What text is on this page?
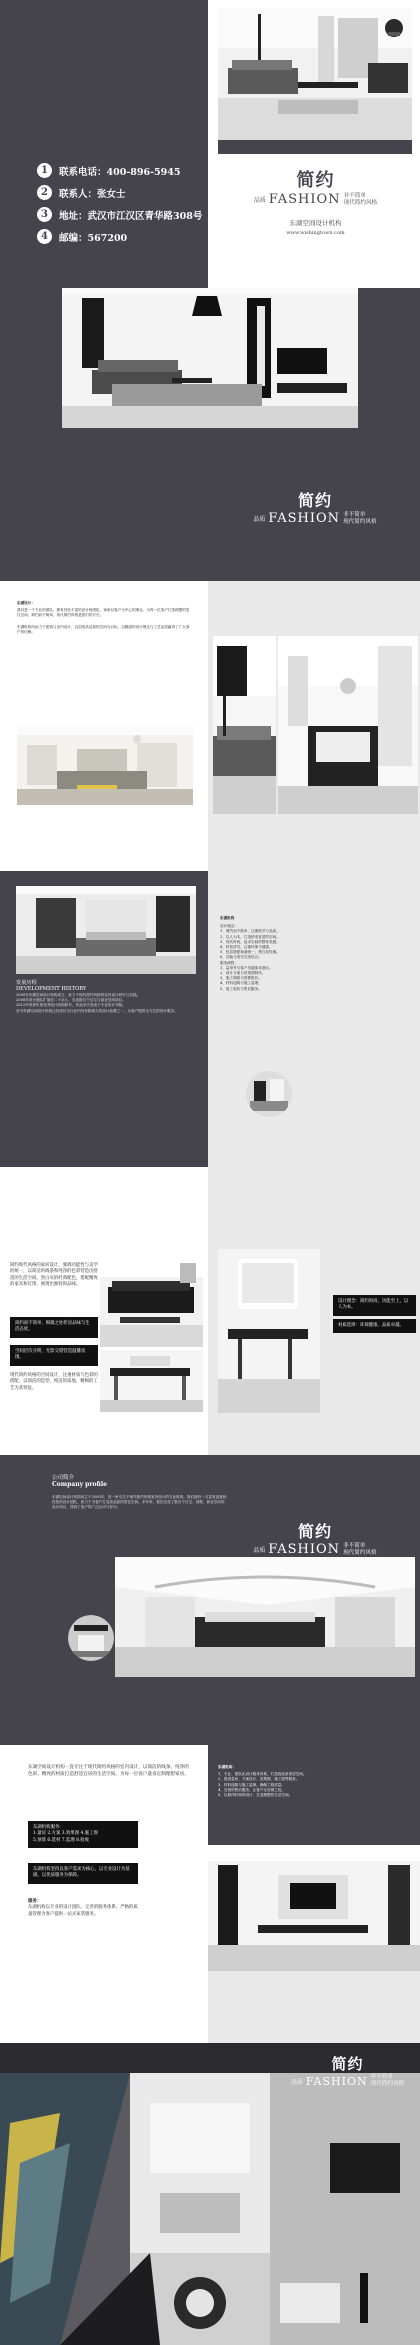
1	联系电话：400-896-5945
2	联系人：张女士
3	地址：武汉市江汉区青华路308号
4	邮编：567200
简约
品质 FASHION 非不简单
现代简约风格
东湖空间设计机构
www.wishingtown.com
简约
品质 FASHION 非不简单
现代简约风格

东湖设计：

我们是一个专业的团队，拥有经验丰富的设计师团队，秉承以客户为中心的理念，为每一位客户打造理想的居住空间。简约而不简单，现代简约风格是我们的专长。

东湖机构所致力于建筑与室内设计，以创造高品质的空间为目标，以精湛的设计理念与工艺品质赢得了广大客户的信赖。

发展历程
DEVELOPMENT HISTORY

2005年东湖空间设计机构成立，致力于现代简约风格的室内设计研究与实践。

2008年设计团队扩展至二十余人，完成数百个住宅与商业空间项目。

2012年荣获年度优秀设计机构称号，作品多次发表于专业设计刊物。

至今东湖空间设计机构已经成长为行业内具有影响力的设计品牌之一，为客户提供全方位的设计服务。

东湖机构

设计理念：

1、简约而不简单，注重细节与品质。

2、以人为本，打造舒适宜居的空间。

3、现代时尚，追求空间的整体美感。

4、材质讲究，注重环保与健康。

5、色彩搭配和谐统一，黑白灰经典。

6、功能与美学完美结合。

服务流程：

1、量房并与客户沟通需求意向。

2、设计方案与效果图制作。

3、施工图纸与预算报价。

4、材料选购与施工监理。

5、竣工验收与售后服务。

简约现代风格的家居设计，强调功能性与美学的统一，以简洁的线条和纯净的色彩营造出舒适的生活空间。黑白灰的经典配色，搭配精致的家具和灯饰，展现出独特的品味。
简约而不简单，细微之处彰显品味与生活态度。
空间层次分明，光影交错营造温馨氛围。
现代简约风格的空间设计，注重材质与色彩的搭配，以简洁的造型、纯洁的质地、精细的工艺为其特征。
设计理念：简约时尚，功能至上，以人为本。
材质选择：环保健康，品质卓越。
公司简介
Company profile
东湖空间设计机构成立于2005年，是一家专注于现代简约风格室内设计的专业机构。我们拥有一支富有创意和经验的设计团队，致力于为客户打造高品质的居住空间。多年来，我们完成了数百个住宅、别墅、商业空间的设计项目，得到了客户的广泛认可与好评。
简约
品质 FASHION 非不简单
现代简约风格
东湖空间设计机构一直专注于现代简约风格的室内设计，以简洁的线条、纯净的色彩、精致的材质打造舒适宜居的生活空间，为每一位客户量身定制理想家居。
东湖机构服务：
1.量房 2.方案 3.效果图 4.施工图
5.预算 6.选材 7.监理 8.验收
东湖机构坚持以客户需求为核心，以专业设计为基础，以优质服务为保障。

服务：

东湖机构以专业的设计团队、完善的服务体系、严格的质量管理为客户提供一站式家装服务。

东湖机构：

1、专业、团队化设计服务体系，打造高品质家居空间。

2、提供量房、方案设计、效果图、施工图等服务。

3、材料选购与施工监理，确保工程质量。

4、完善的售后服务，让客户无后顾之忧。

5、以简约时尚的设计，打造理想的生活空间。

简约
品质 FASHION 非不简单
现代简约风格
